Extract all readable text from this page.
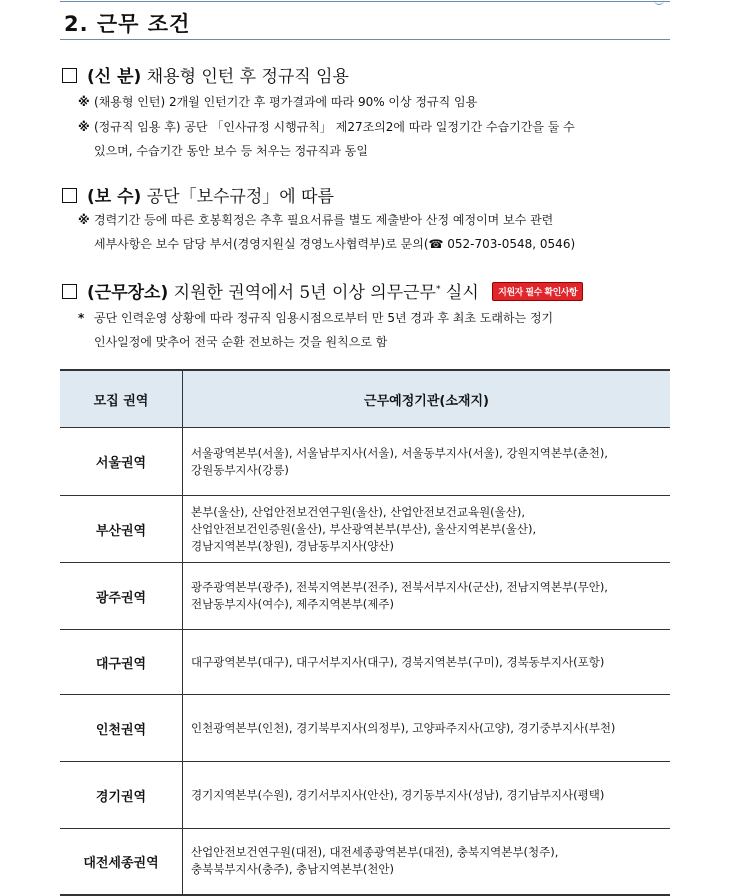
2. 근무 조건
(신 분) 채용형 인턴 후 정규직 임용
※ (채용형 인턴) 2개월 인턴기간 후 평가결과에 따라 90% 이상 정규직 임용
※ (정규직 임용 후) 공단 「인사규정 시행규칙」 제27조의2에 따라 일정기간 수습기간을 둘 수
있으며, 수습기간 동안 보수 등 처우는 정규직과 동일
(보 수) 공단「보수규정」에 따름
※ 경력기간 등에 따른 호봉획정은 추후 필요서류를 별도 제출받아 산정 예정이며 보수 관련
세부사항은 보수 담당 부서(경영지원실 경영노사협력부)로 문의(☎ 052-703-0548, 0546)
(근무장소) 지원한 권역에서 5년 이상 의무근무* 실시 지원자 필수 확인사항
* 공단 인력운영 상황에 따라 정규직 임용시점으로부터 만 5년 경과 후 최초 도래하는 정기
인사일정에 맞추어 전국 순환 전보하는 것을 원칙으로 함
모집 권역	근무예정기관(소재지)
서울권역	서울광역본부(서울), 서울남부지사(서울), 서울동부지사(서울), 강원지역본부(춘천),
강원동부지사(강릉)

부산권역	본부(울산), 산업안전보건연구원(울산), 산업안전보건교육원(울산),
산업안전보건인증원(울산), 부산광역본부(부산), 울산지역본부(울산),
경남지역본부(창원), 경남동부지사(양산)

광주권역	광주광역본부(광주), 전북지역본부(전주), 전북서부지사(군산), 전남지역본부(무안),
전남동부지사(여수), 제주지역본부(제주)

대구권역	대구광역본부(대구), 대구서부지사(대구), 경북지역본부(구미), 경북동부지사(포항)

인천권역	인천광역본부(인천), 경기북부지사(의정부), 고양파주지사(고양), 경기중부지사(부천)

경기권역	경기지역본부(수원), 경기서부지사(안산), 경기동부지사(성남), 경기남부지사(평택)

대전세종권역	산업안전보건연구원(대전), 대전세종광역본부(대전), 충북지역본부(청주),
충북북부지사(충주), 충남지역본부(천안)
